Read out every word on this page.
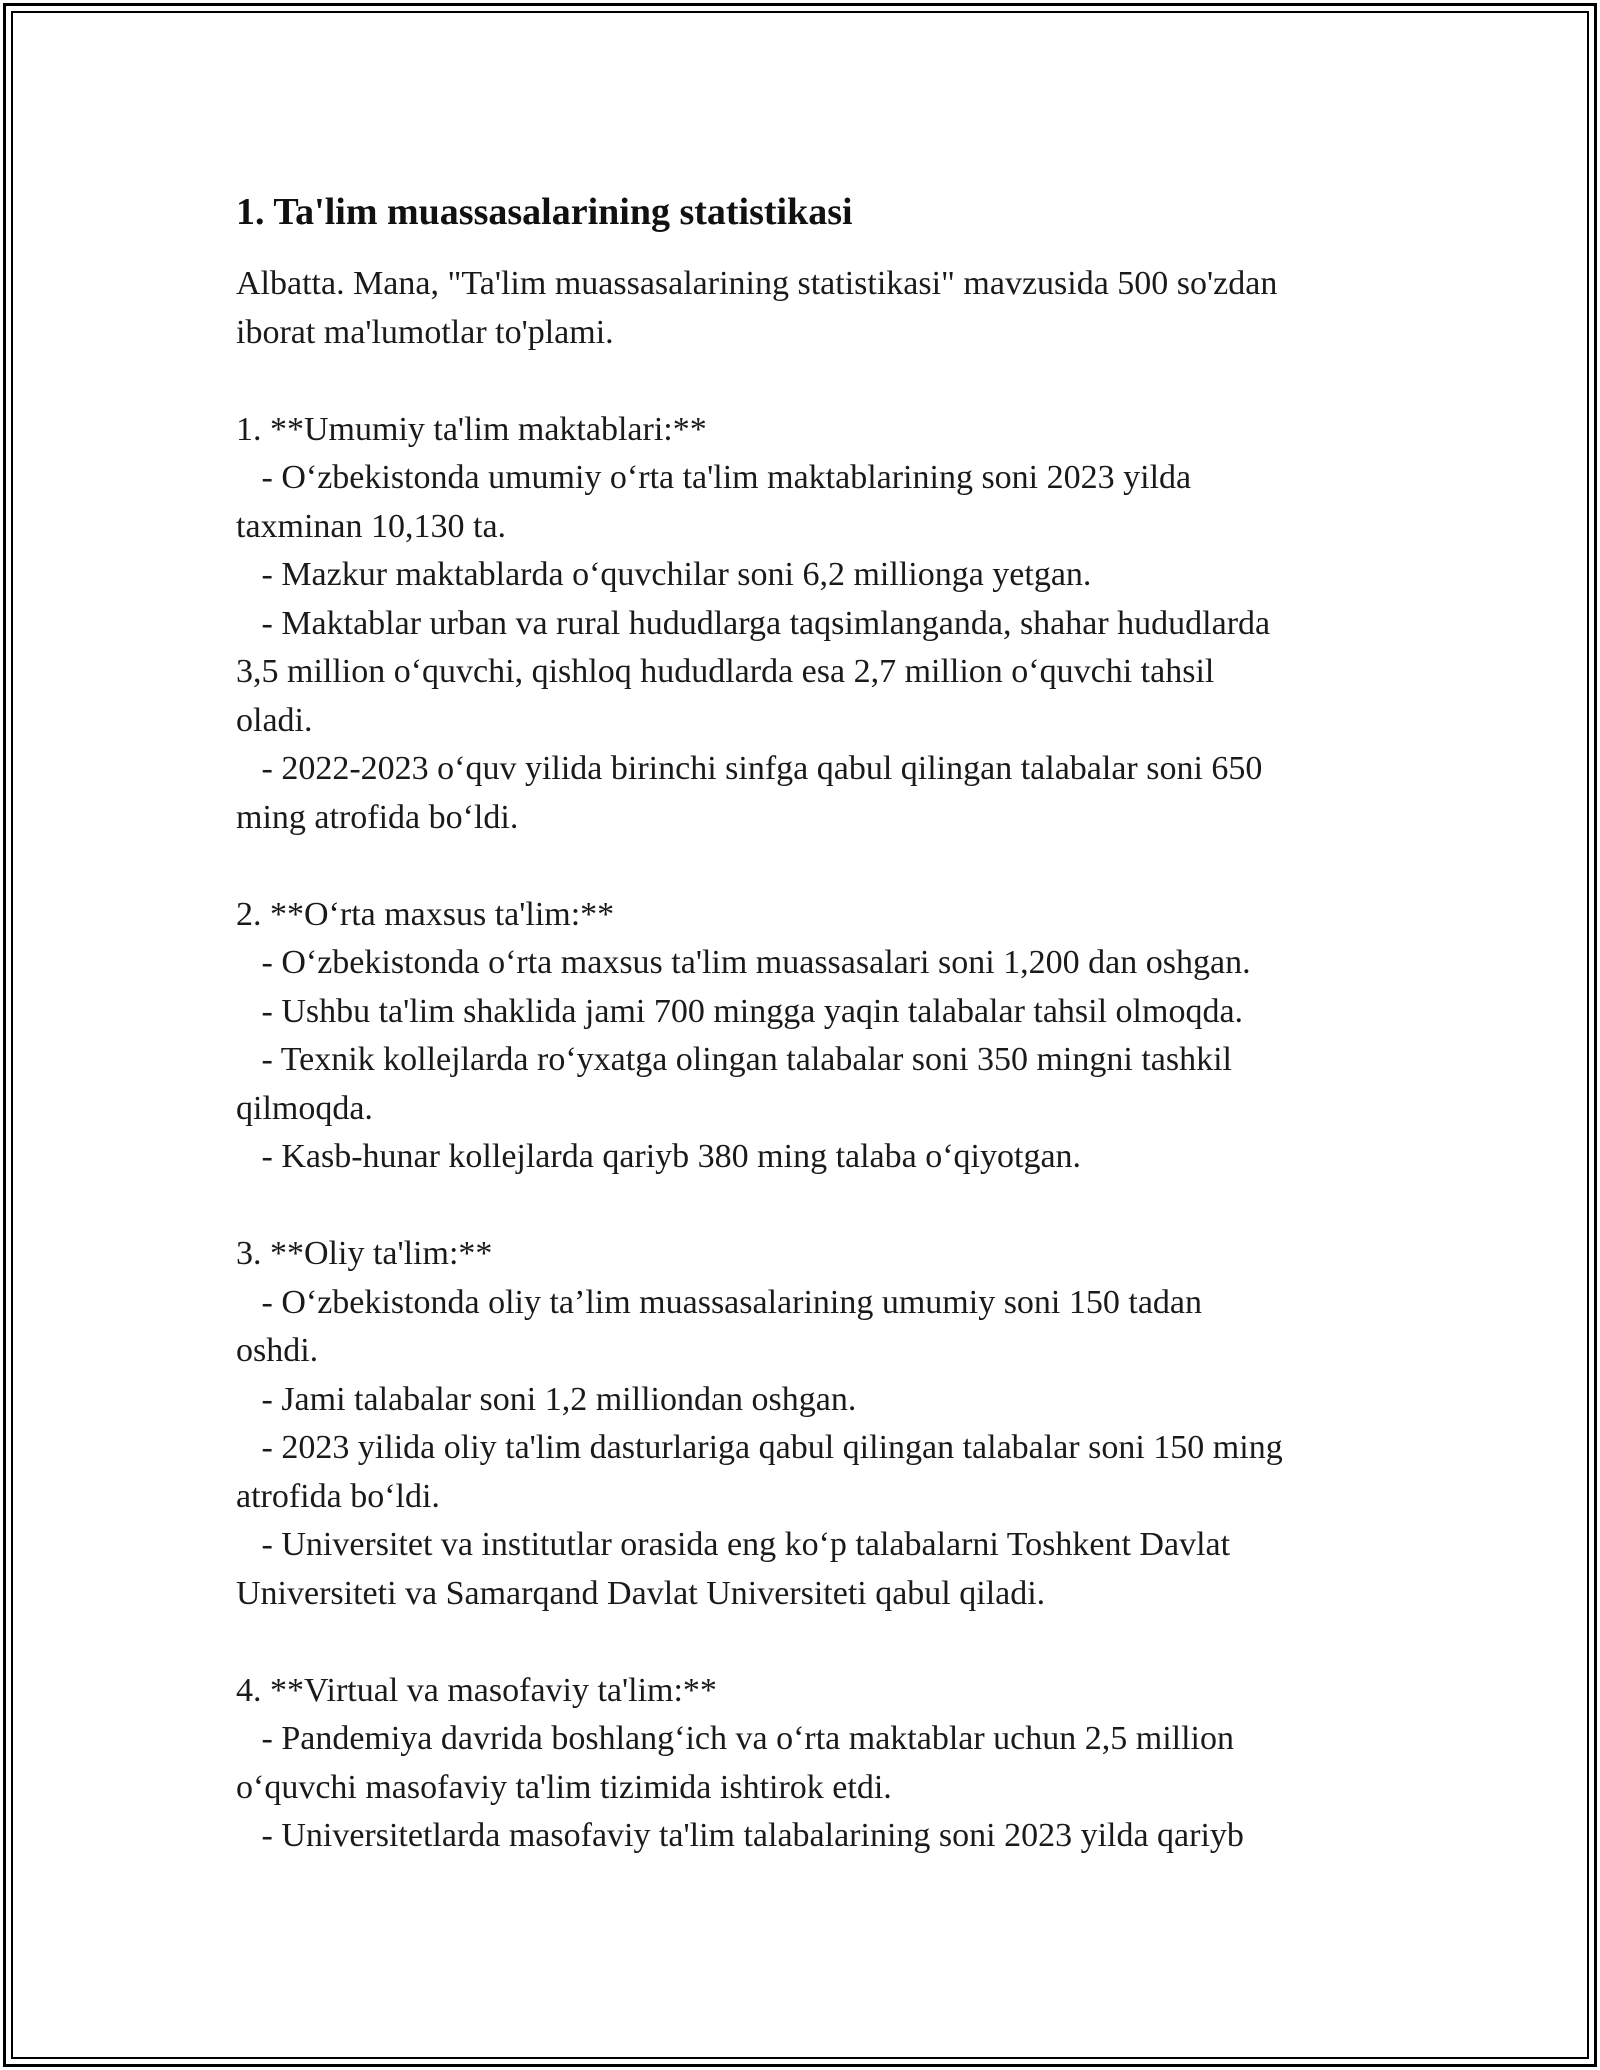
1. Ta'lim muassasalarining statistikasi
Albatta. Mana, "Ta'lim muassasalarining statistikasi" mavzusida 500 so'zdan
iborat ma'lumotlar to'plami.

1. **Umumiy ta'lim maktablari:**
- O‘zbekistonda umumiy o‘rta ta'lim maktablarining soni 2023 yilda
taxminan 10,130 ta.
- Mazkur maktablarda o‘quvchilar soni 6,2 millionga yetgan.
- Maktablar urban va rural hududlarga taqsimlanganda, shahar hududlarda
3,5 million o‘quvchi, qishloq hududlarda esa 2,7 million o‘quvchi tahsil
oladi.
- 2022-2023 o‘quv yilida birinchi sinfga qabul qilingan talabalar soni 650
ming atrofida bo‘ldi.

2. **O‘rta maxsus ta'lim:**
- O‘zbekistonda o‘rta maxsus ta'lim muassasalari soni 1,200 dan oshgan.
- Ushbu ta'lim shaklida jami 700 mingga yaqin talabalar tahsil olmoqda.
- Texnik kollejlarda ro‘yxatga olingan talabalar soni 350 mingni tashkil
qilmoqda.
- Kasb-hunar kollejlarda qariyb 380 ming talaba o‘qiyotgan.

3. **Oliy ta'lim:**
- O‘zbekistonda oliy ta’lim muassasalarining umumiy soni 150 tadan
oshdi.
- Jami talabalar soni 1,2 milliondan oshgan.
- 2023 yilida oliy ta'lim dasturlariga qabul qilingan talabalar soni 150 ming
atrofida bo‘ldi.
- Universitet va institutlar orasida eng ko‘p talabalarni Toshkent Davlat
Universiteti va Samarqand Davlat Universiteti qabul qiladi.

4. **Virtual va masofaviy ta'lim:**
- Pandemiya davrida boshlang‘ich va o‘rta maktablar uchun 2,5 million
o‘quvchi masofaviy ta'lim tizimida ishtirok etdi.
- Universitetlarda masofaviy ta'lim talabalarining soni 2023 yilda qariyb
